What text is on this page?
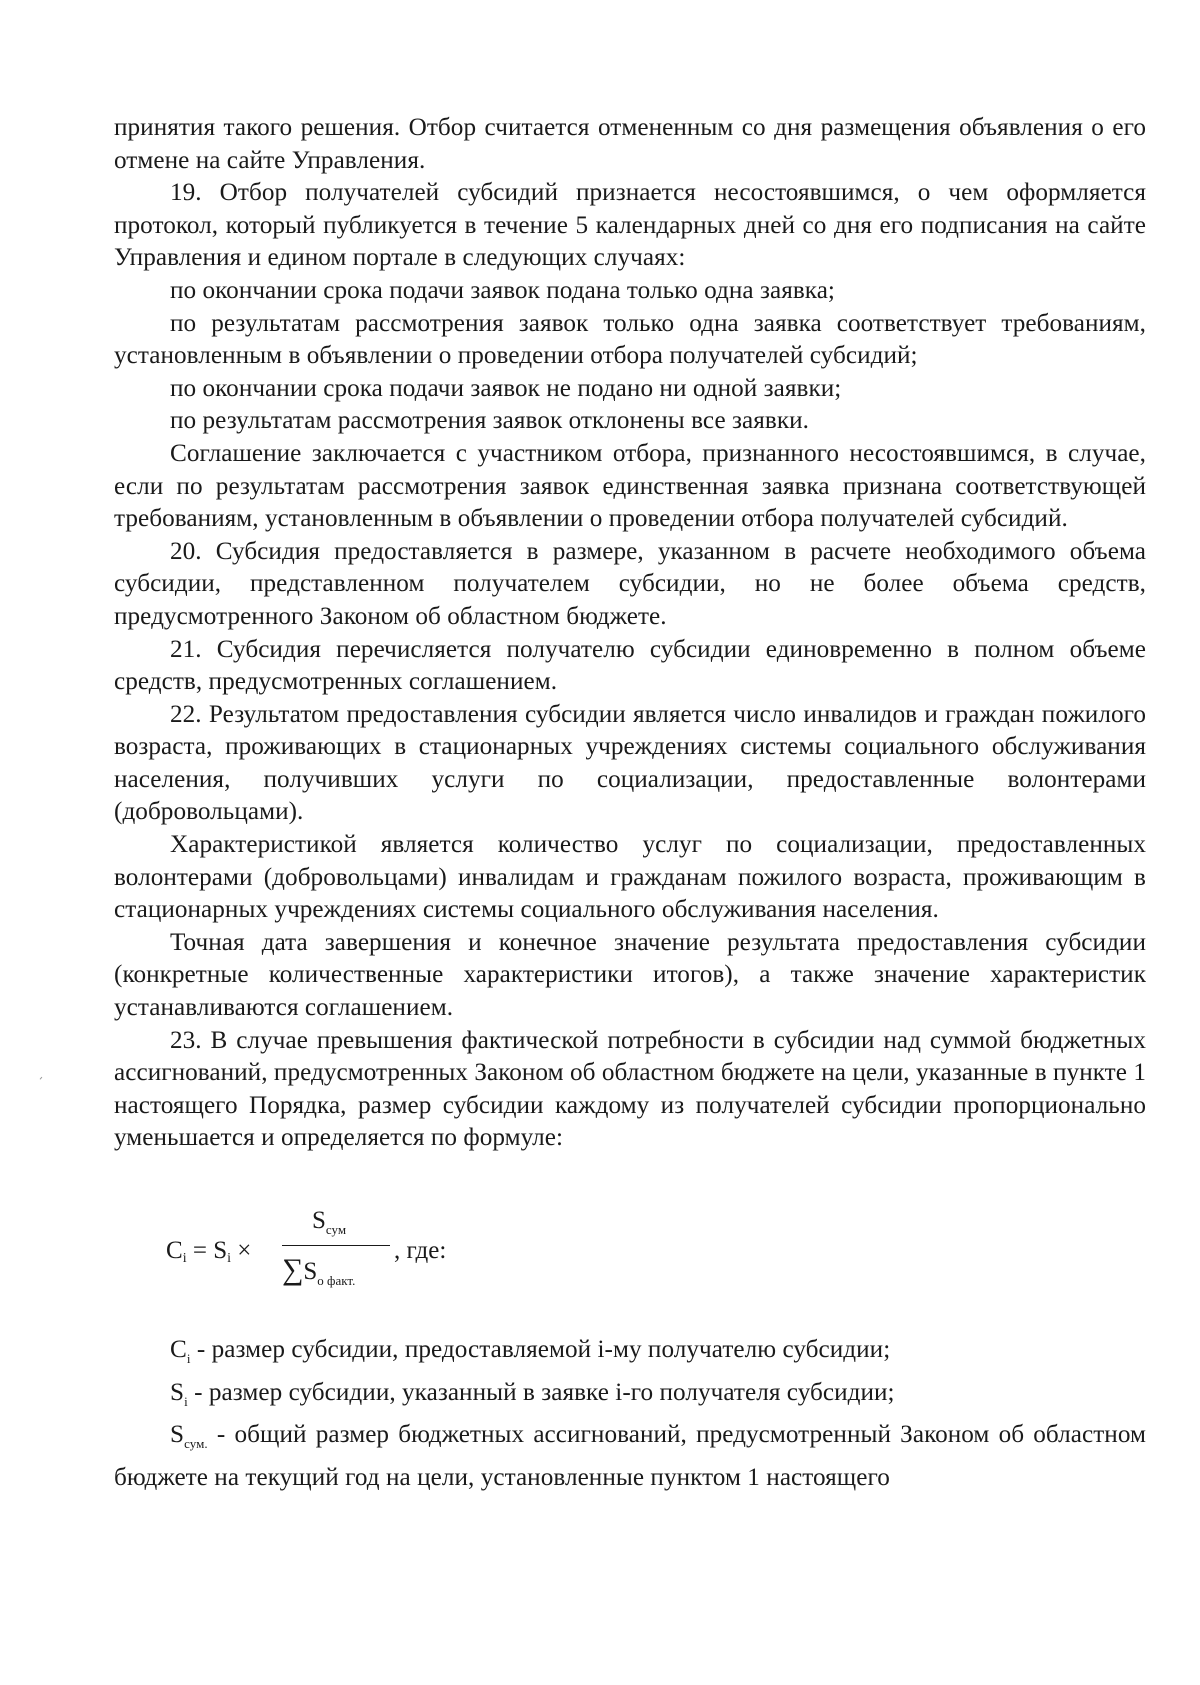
принятия такого решения. Отбор считается отмененным со дня размещения объявления о его отмене на сайте Управления.

19. Отбор получателей субсидий признается несостоявшимся, о чем оформляется протокол, который публикуется в течение 5 календарных дней со дня его подписания на сайте Управления и едином портале в следующих случаях:

по окончании срока подачи заявок подана только одна заявка;

по результатам рассмотрения заявок только одна заявка соответствует требованиям, установленным в объявлении о проведении отбора получателей субсидий;

по окончании срока подачи заявок не подано ни одной заявки;

по результатам рассмотрения заявок отклонены все заявки.

Соглашение заключается с участником отбора, признанного несостоявшимся, в случае, если по результатам рассмотрения заявок единственная заявка признана соответствующей требованиям, установленным в объявлении о проведении отбора получателей субсидий.

20. Субсидия предоставляется в размере, указанном в расчете необходимого объема субсидии, представленном получателем субсидии, но не более объема средств, предусмотренного Законом об областном бюджете.

21. Субсидия перечисляется получателю субсидии единовременно в полном объеме средств, предусмотренных соглашением.

22. Результатом предоставления субсидии является число инвалидов и граждан пожилого возраста, проживающих в стационарных учреждениях системы социального обслуживания населения, получивших услуги по социализации, предоставленные волонтерами (добровольцами).

Характеристикой является количество услуг по социализации, предоставленных волонтерами (добровольцами) инвалидам и гражданам пожилого возраста, проживающим в стационарных учреждениях системы социального обслуживания населения.

Точная дата завершения и конечное значение результата предоставления субсидии (конкретные количественные характеристики итогов), а также значение характеристик устанавливаются соглашением.

23. В случае превышения фактической потребности в субсидии над суммой бюджетных ассигнований, предусмотренных Законом об областном бюджете на цели, указанные в пункте 1 настоящего Порядка, размер субсидии каждому из получателей субсидии пропорционально уменьшается и определяется по формуле:

$C_i = S_i$ ×
$S_{сум}$
$\sum S_{о факт.}$
, где:

$C_i$ - размер субсидии, предоставляемой i-му получателю субсидии;

$S_i$ - размер субсидии, указанный в заявке i-го получателя субсидии;

$S_{сум.}$ - общий размер бюджетных ассигнований, предусмотренный Законом об областном бюджете на текущий год на цели, установленные пунктом 1 настоящего
